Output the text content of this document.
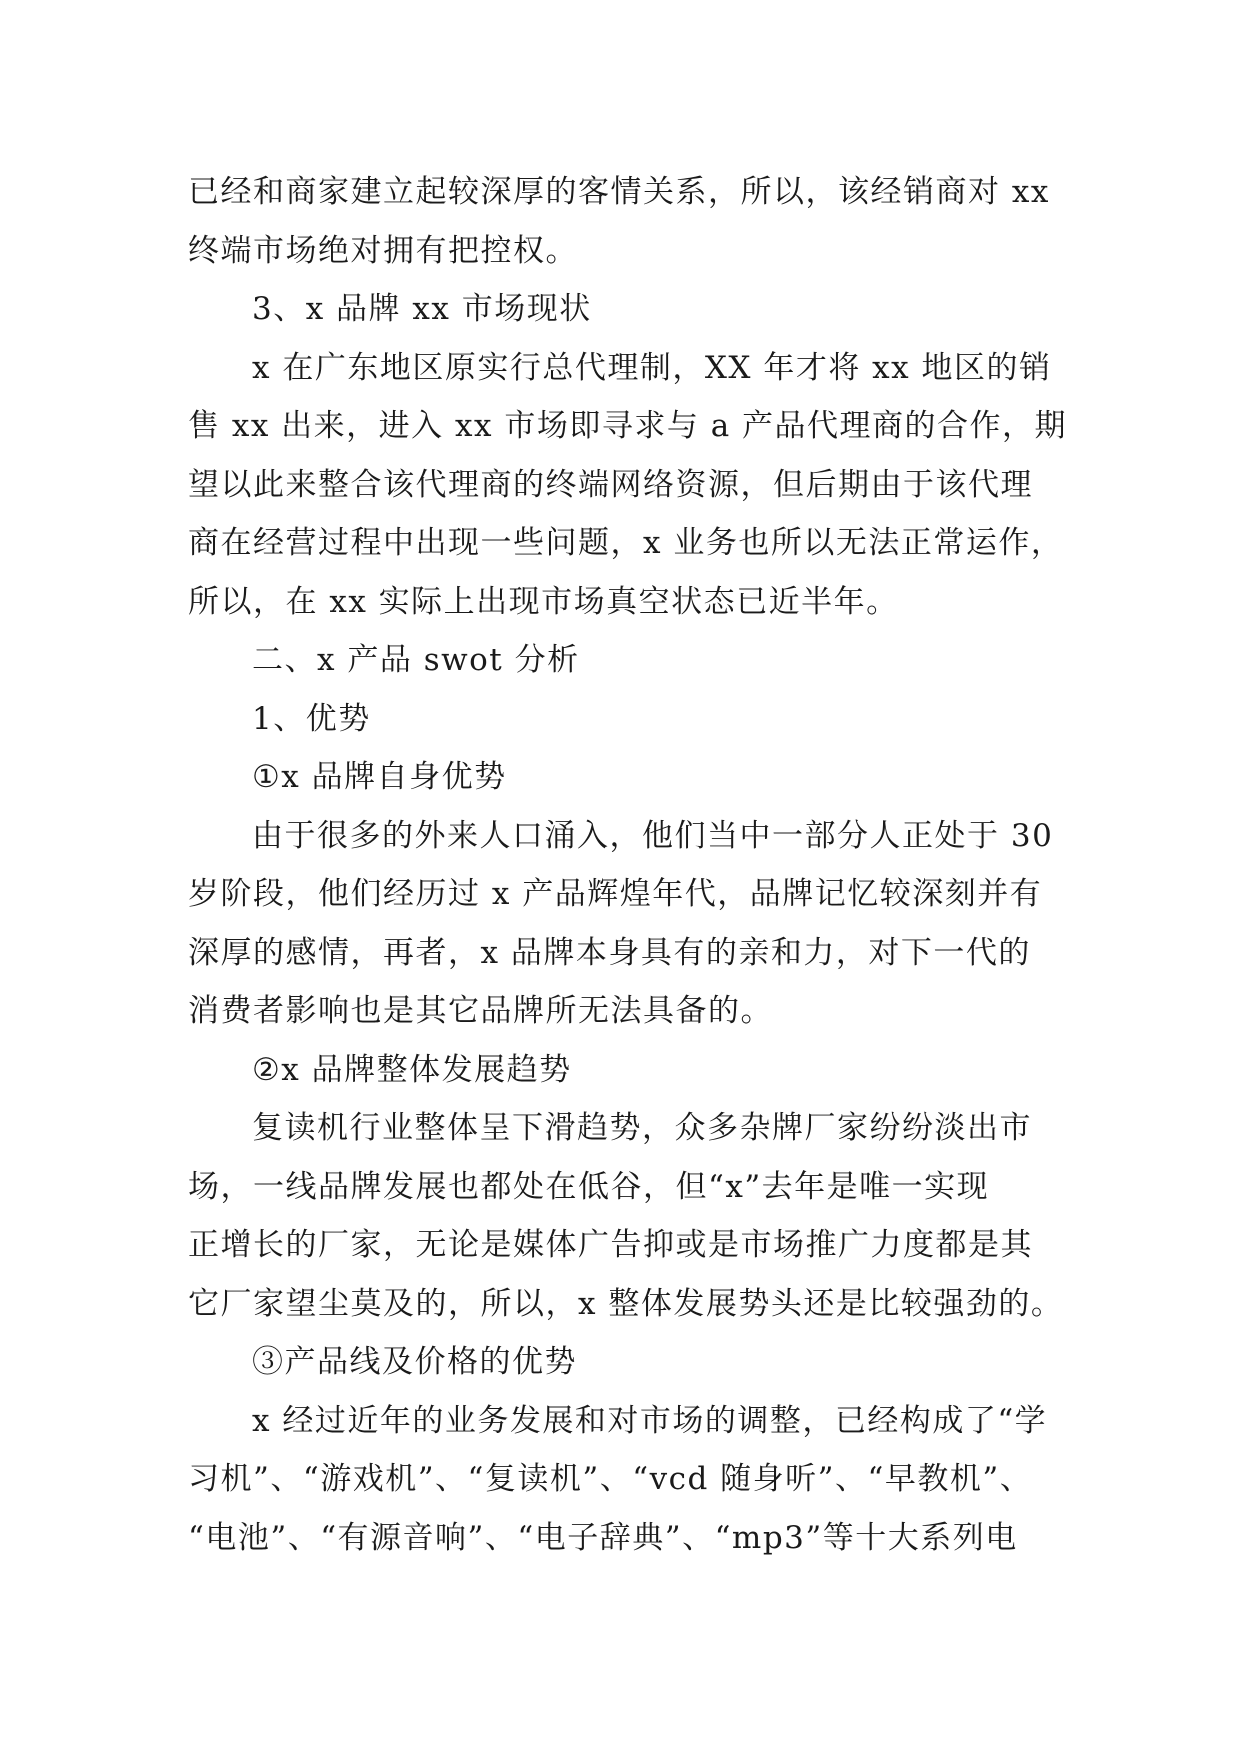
已经和商家建立起较深厚的客情关系，所以，该经销商对 xx
终端市场绝对拥有把控权。
3、x 品牌 xx 市场现状
x 在广东地区原实行总代理制，XX 年才将 xx 地区的销
售 xx 出来，进入 xx 市场即寻求与 a 产品代理商的合作，期
望以此来整合该代理商的终端网络资源，但后期由于该代理
商在经营过程中出现一些问题，x 业务也所以无法正常运作，
所以，在 xx 实际上出现市场真空状态已近半年。
二、x 产品 swot 分析
1、优势
①x 品牌自身优势
由于很多的外来人口涌入，他们当中一部分人正处于 30
岁阶段，他们经历过 x 产品辉煌年代，品牌记忆较深刻并有
深厚的感情，再者，x 品牌本身具有的亲和力，对下一代的
消费者影响也是其它品牌所无法具备的。
②x 品牌整体发展趋势
复读机行业整体呈下滑趋势，众多杂牌厂家纷纷淡出市
场，一线品牌发展也都处在低谷，但“x”去年是唯一实现
正增长的厂家，无论是媒体广告抑或是市场推广力度都是其
它厂家望尘莫及的，所以，x 整体发展势头还是比较强劲的。
③产品线及价格的优势
x 经过近年的业务发展和对市场的调整，已经构成了“学
习机”、“游戏机”、“复读机”、“vcd 随身听”、“早教机”、
“电池”、“有源音响”、“电子辞典”、“mp3”等十大系列电
